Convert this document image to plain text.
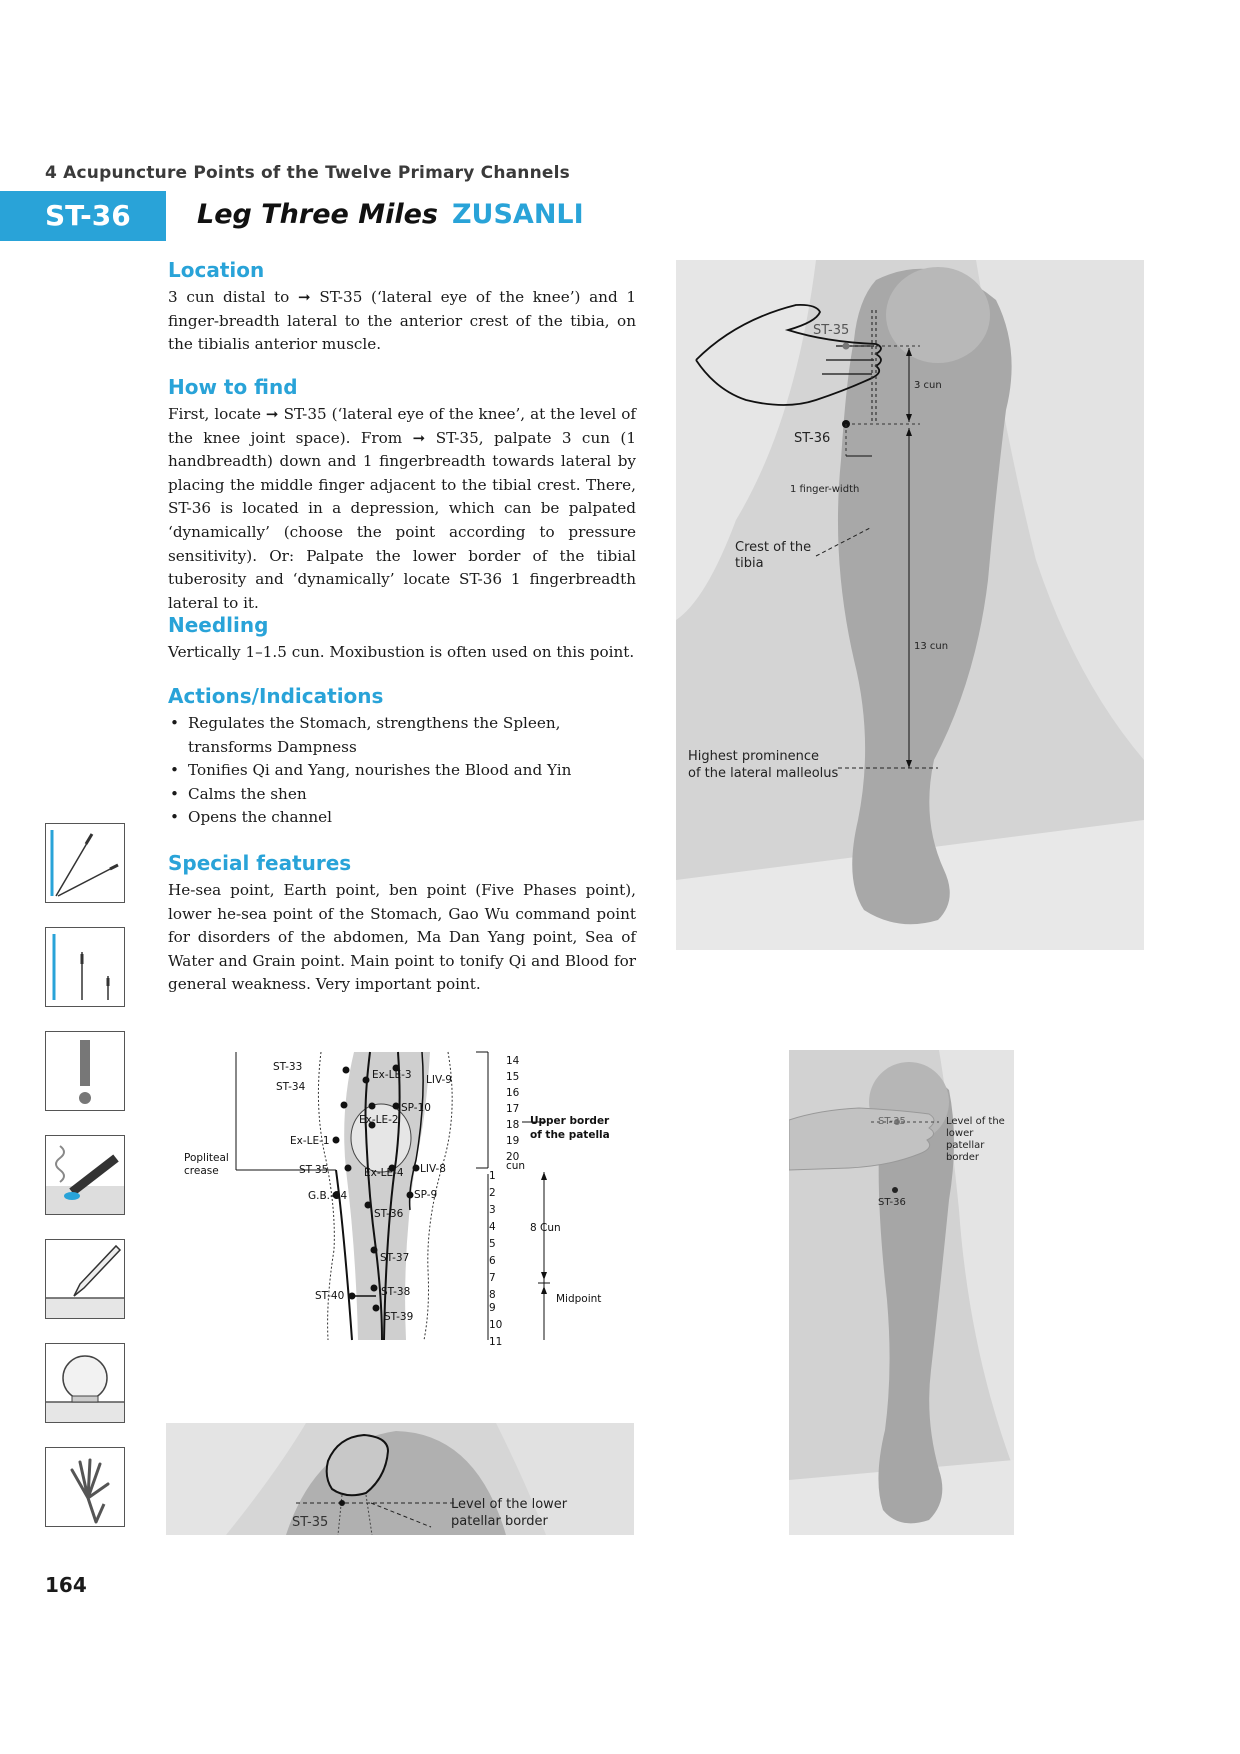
4 Acupuncture Points of the Twelve Primary Channels
ST-36	Leg Three Miles ZUSANLI
Location

3 cun distal to ➞ ST-35 (‘lateral eye of the knee’) and 1 finger-breadth lateral to the anterior crest of the tibia, on the tibialis anterior muscle.

How to find

First, locate ➞ ST-35 (‘lateral eye of the knee’, at the level of the knee joint space). From ➞ ST-35, palpate 3 cun (1 handbreadth) down and 1 fingerbreadth towards lateral by placing the middle finger adjacent to the tibial crest. There, ST-36 is located in a depression, which can be palpated ‘dynamically’ (choose the point according to pressure sensitivity). Or: Palpate the lower border of the tibial tuberosity and ‘dynamically’ locate ST-36 1 fingerbreadth lateral to it.

Needling

Vertically 1–1.5 cun. Moxibustion is often used on this point.

Actions/Indications
• Regulates the Stomach, strengthens the Spleen, transforms Dampness
• Tonifies Qi and Yang, nourishes the Blood and Yin
• Calms the shen
• Opens the channel
Special features

He-sea point, Earth point, ben point (Five Phases point), lower he-sea point of the Stomach, Gao Wu command point for disorders of the abdomen, Ma Dan Yang point, Sea of Water and Grain point. Main point to tonify Qi and Blood for general weakness. Very important point.

ST-35
ST-36
3 cun
1 finger-width
Crest of the
tibia
13 cun
Highest prominence
of the lateral malleolus
ST-33
ST-34
Ex-LE-3 LIV-9
SP-10
Ex-LE-2
Ex-LE-1
Popliteal
crease	ST-35	Ex-LE-4 LIV-8
G.B.-34	SP-9
ST-36
ST-37
ST-38
ST-40
ST-39
Upper border
of the patella
8 Cun
Midpoint
cun
14
15
16
17
18
19
20
1
2
3
4
5
6
7
8
9
10
11
ST-35
Level of the lower
patellar border
ST-35
ST-36
Level of the
lower
patellar
border
164
